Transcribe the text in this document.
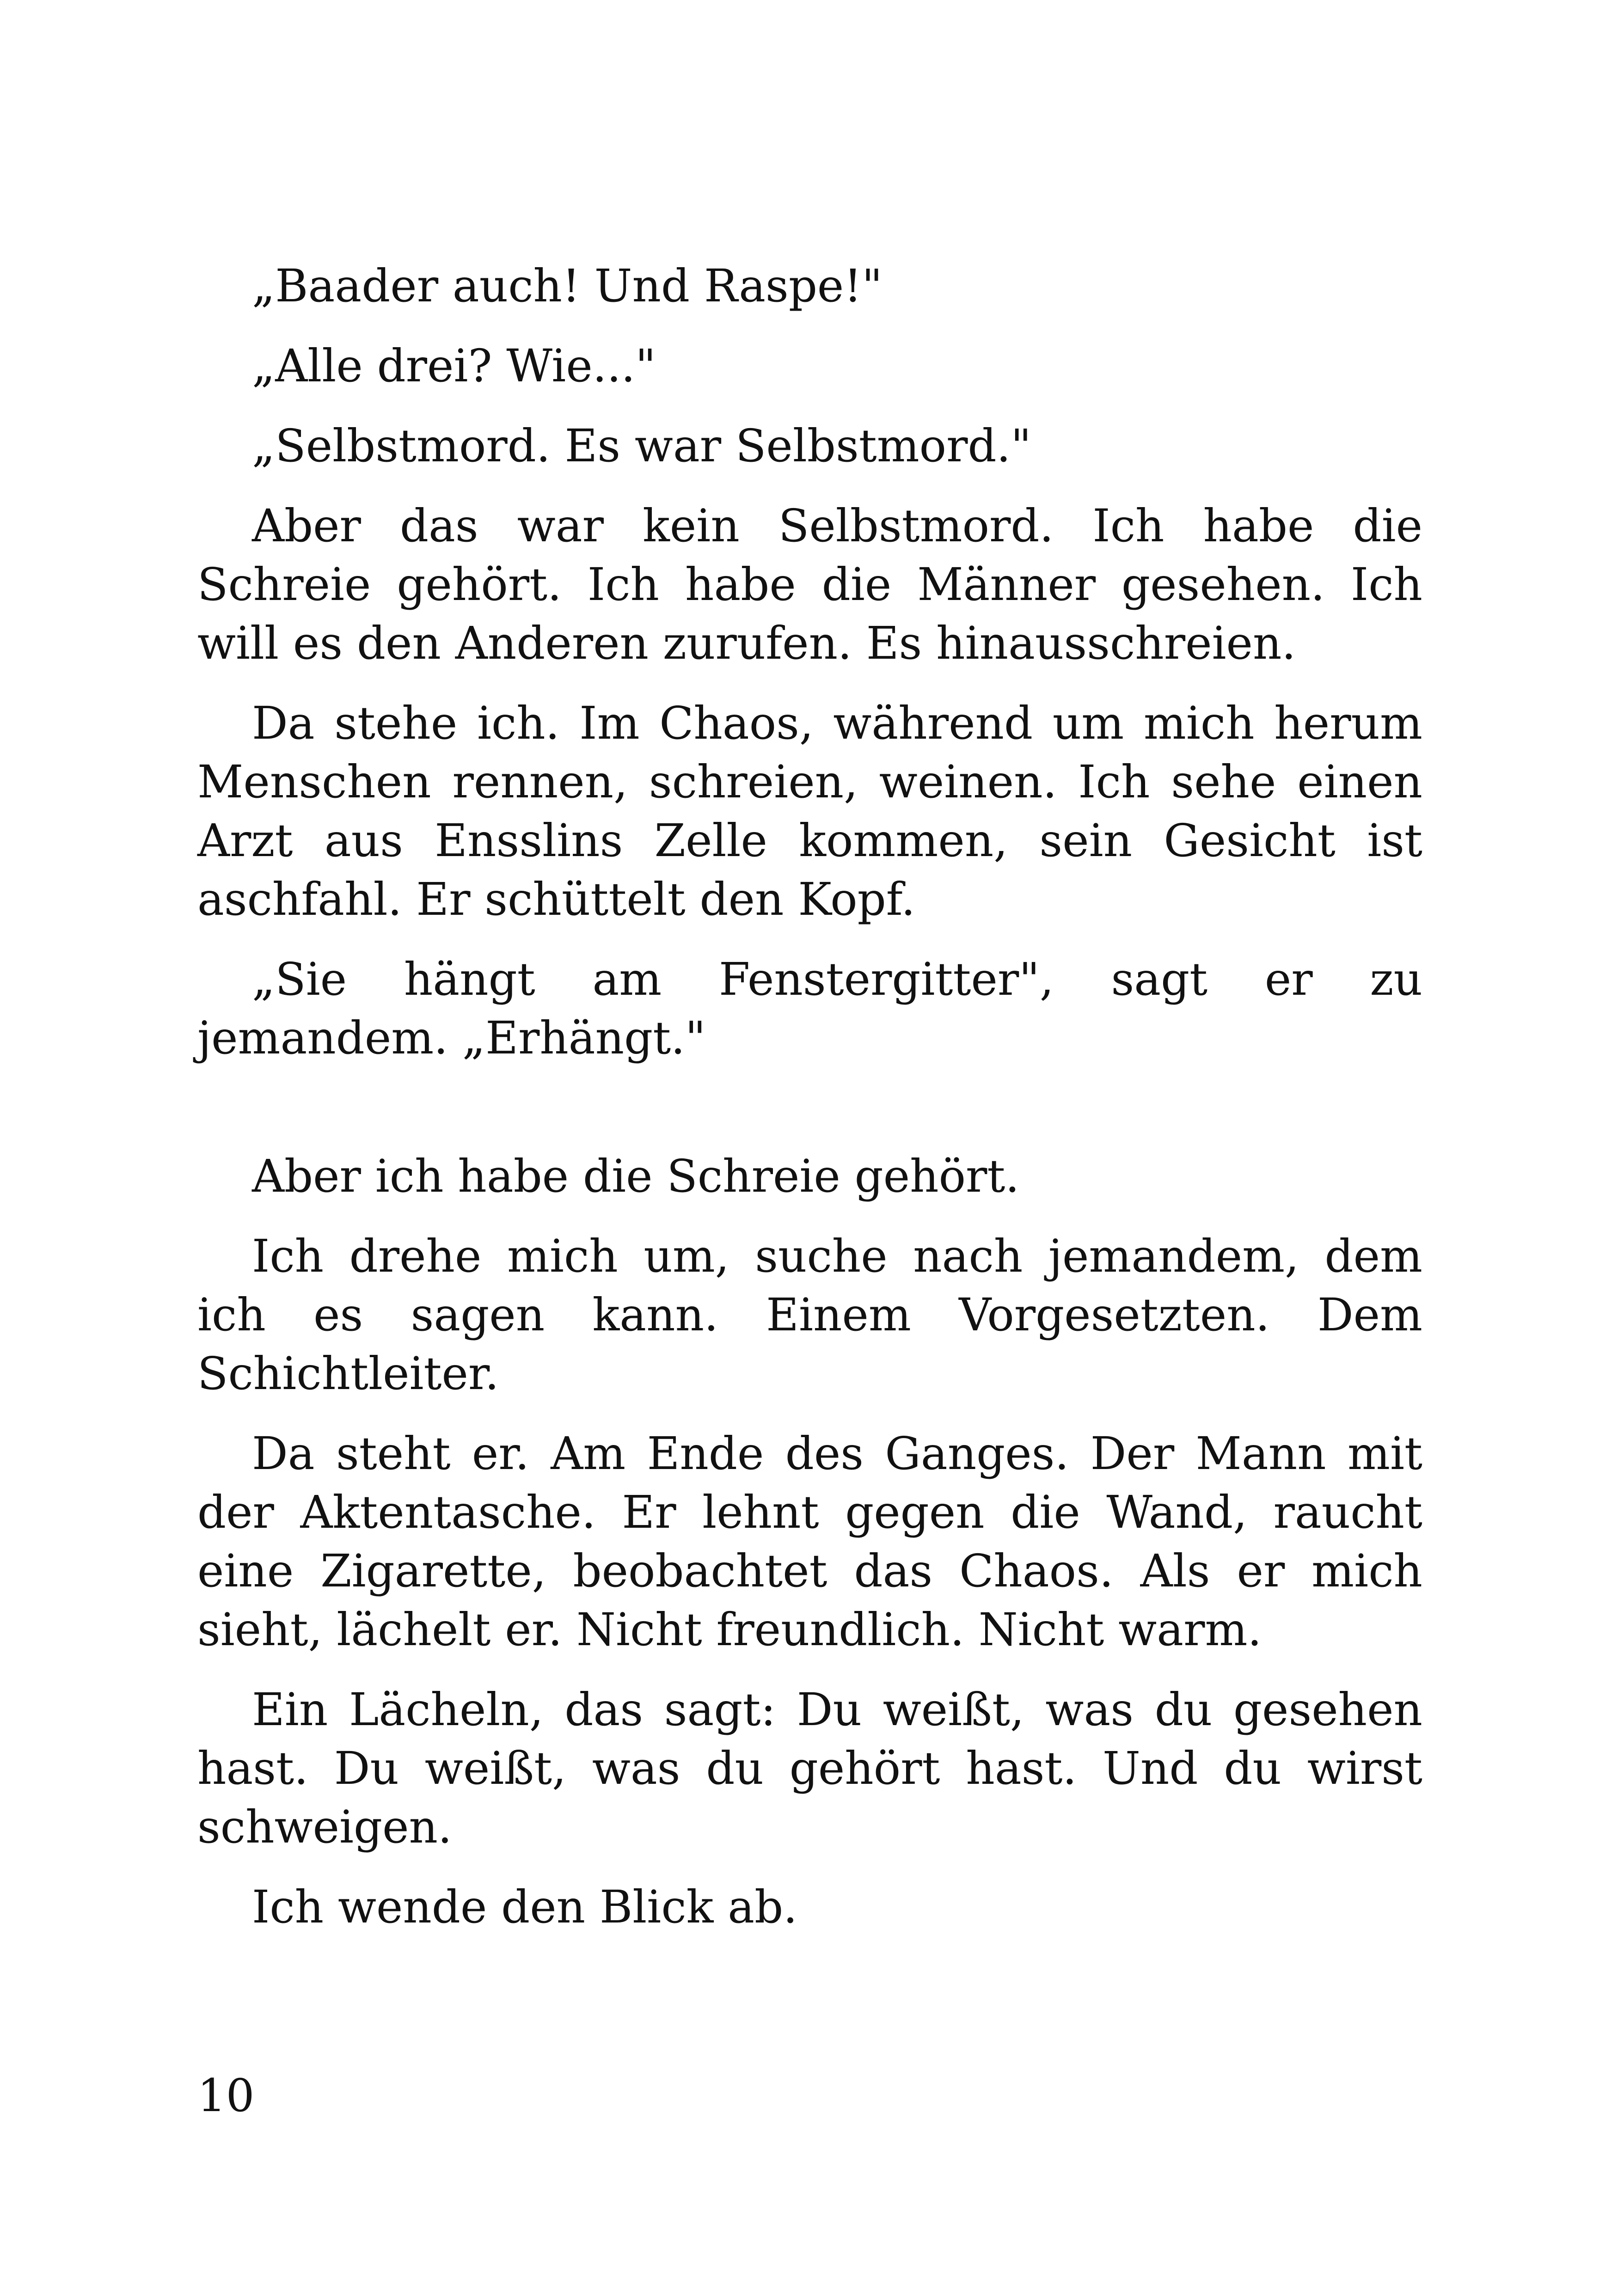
„Baader auch! Und Raspe!"

„Alle drei? Wie..."

„Selbstmord. Es war Selbstmord."

Aber das war kein Selbstmord. Ich habe die Schreie gehört. Ich habe die Männer gesehen. Ich will es den Anderen zurufen. Es hinausschreien.

Da stehe ich. Im Chaos, während um mich herum Menschen rennen, schreien, weinen. Ich sehe einen Arzt aus Ensslins Zelle kommen, sein Gesicht ist aschfahl. Er schüttelt den Kopf.

„Sie hängt am Fenstergitter", sagt er zu jemandem. „Erhängt."

Aber ich habe die Schreie gehört.

Ich drehe mich um, suche nach jemandem, dem ich es sagen kann. Einem Vorgesetzten. Dem Schichtleiter.

Da steht er. Am Ende des Ganges. Der Mann mit der Aktentasche. Er lehnt gegen die Wand, raucht eine Zigarette, beobachtet das Chaos. Als er mich sieht, lächelt er. Nicht freundlich. Nicht warm.

Ein Lächeln, das sagt: Du weißt, was du gesehen hast. Du weißt, was du gehört hast. Und du wirst schweigen.

Ich wende den Blick ab.

10
